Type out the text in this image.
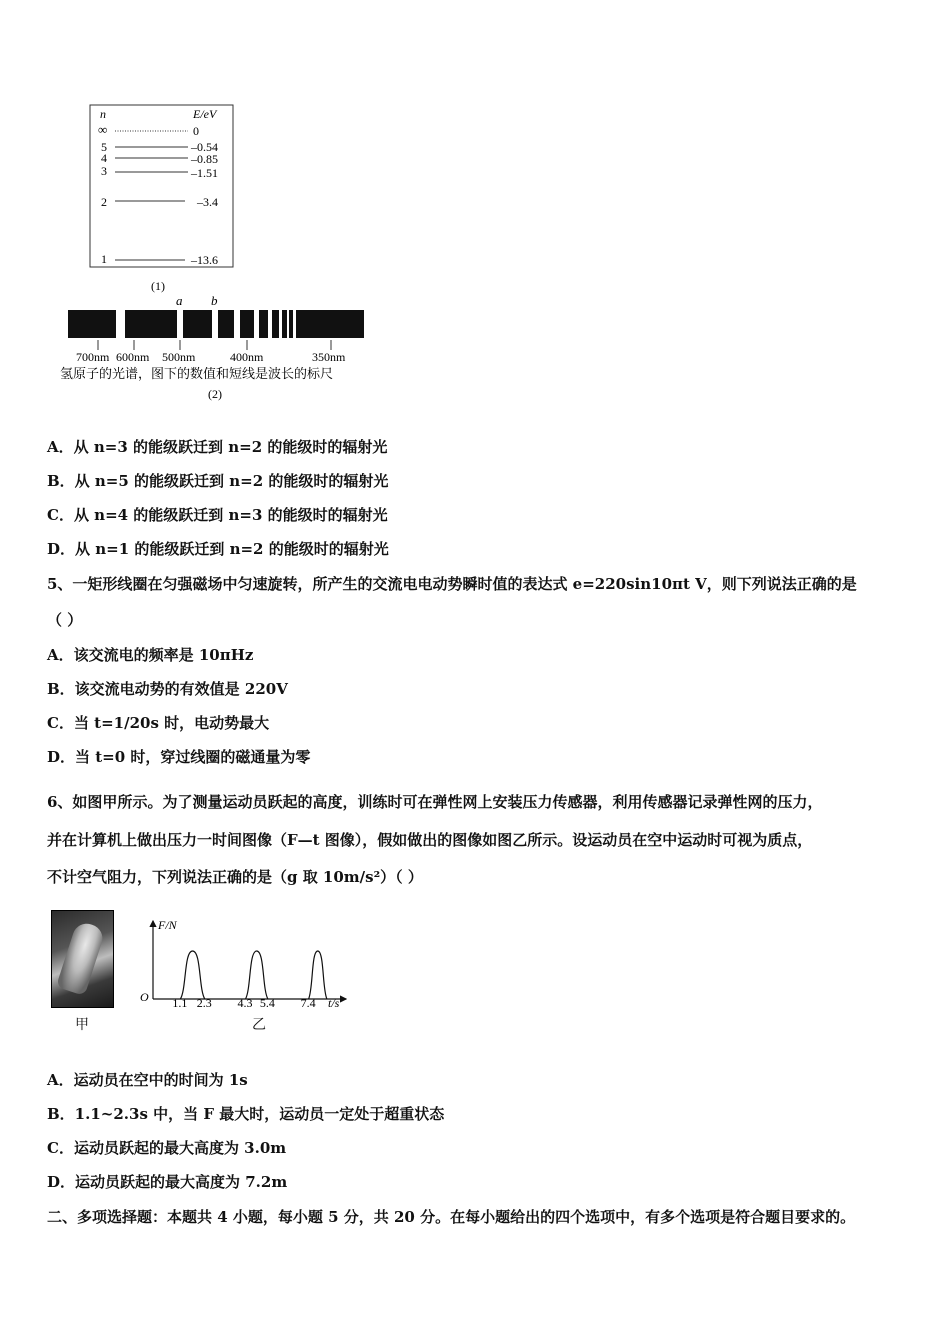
n	E/eV
∞	0
5	–0.54
4	–0.85
3	–1.51
2	–3.4
1	–13.6
(1)
a b
700nm 600nm 500nm	400nm	350nm
氢原子的光谱，图下的数值和短线是波长的标尺
(2)
A．从 n=3 的能级跃迁到 n=2 的能级时的辐射光
B．从 n=5 的能级跃迁到 n=2 的能级时的辐射光
C．从 n=4 的能级跃迁到 n=3 的能级时的辐射光
D．从 n=1 的能级跃迁到 n=2 的能级时的辐射光
5、一矩形线圈在匀强磁场中匀速旋转，所产生的交流电电动势瞬时值的表达式 e=220sin10πt V，则下列说法正确的是
（ ）
A．该交流电的频率是 10πHz
B．该交流电动势的有效值是 220V
C．当 t=1/20s 时，电动势最大
D．当 t=0 时，穿过线圈的磁通量为零
6、如图甲所示。为了测量运动员跃起的高度，训练时可在弹性网上安装压力传感器，利用传感器记录弹性网的压力，
并在计算机上做出压力一时间图像（F—t 图像），假如做出的图像如图乙所示。设运动员在空中运动时可视为质点，
不计空气阻力，下列说法正确的是（g 取 10m/s²）（ ）
甲
F/N
O	t/s
1.1 2.3 4.3 5.4 7.4
乙
A．运动员在空中的时间为 1s
B．1.1~2.3s 中，当 F 最大时，运动员一定处于超重状态
C．运动员跃起的最大高度为 3.0m
D．运动员跃起的最大高度为 7.2m
二、多项选择题：本题共 4 小题，每小题 5 分，共 20 分。在每小题给出的四个选项中，有多个选项是符合题目要求的。
